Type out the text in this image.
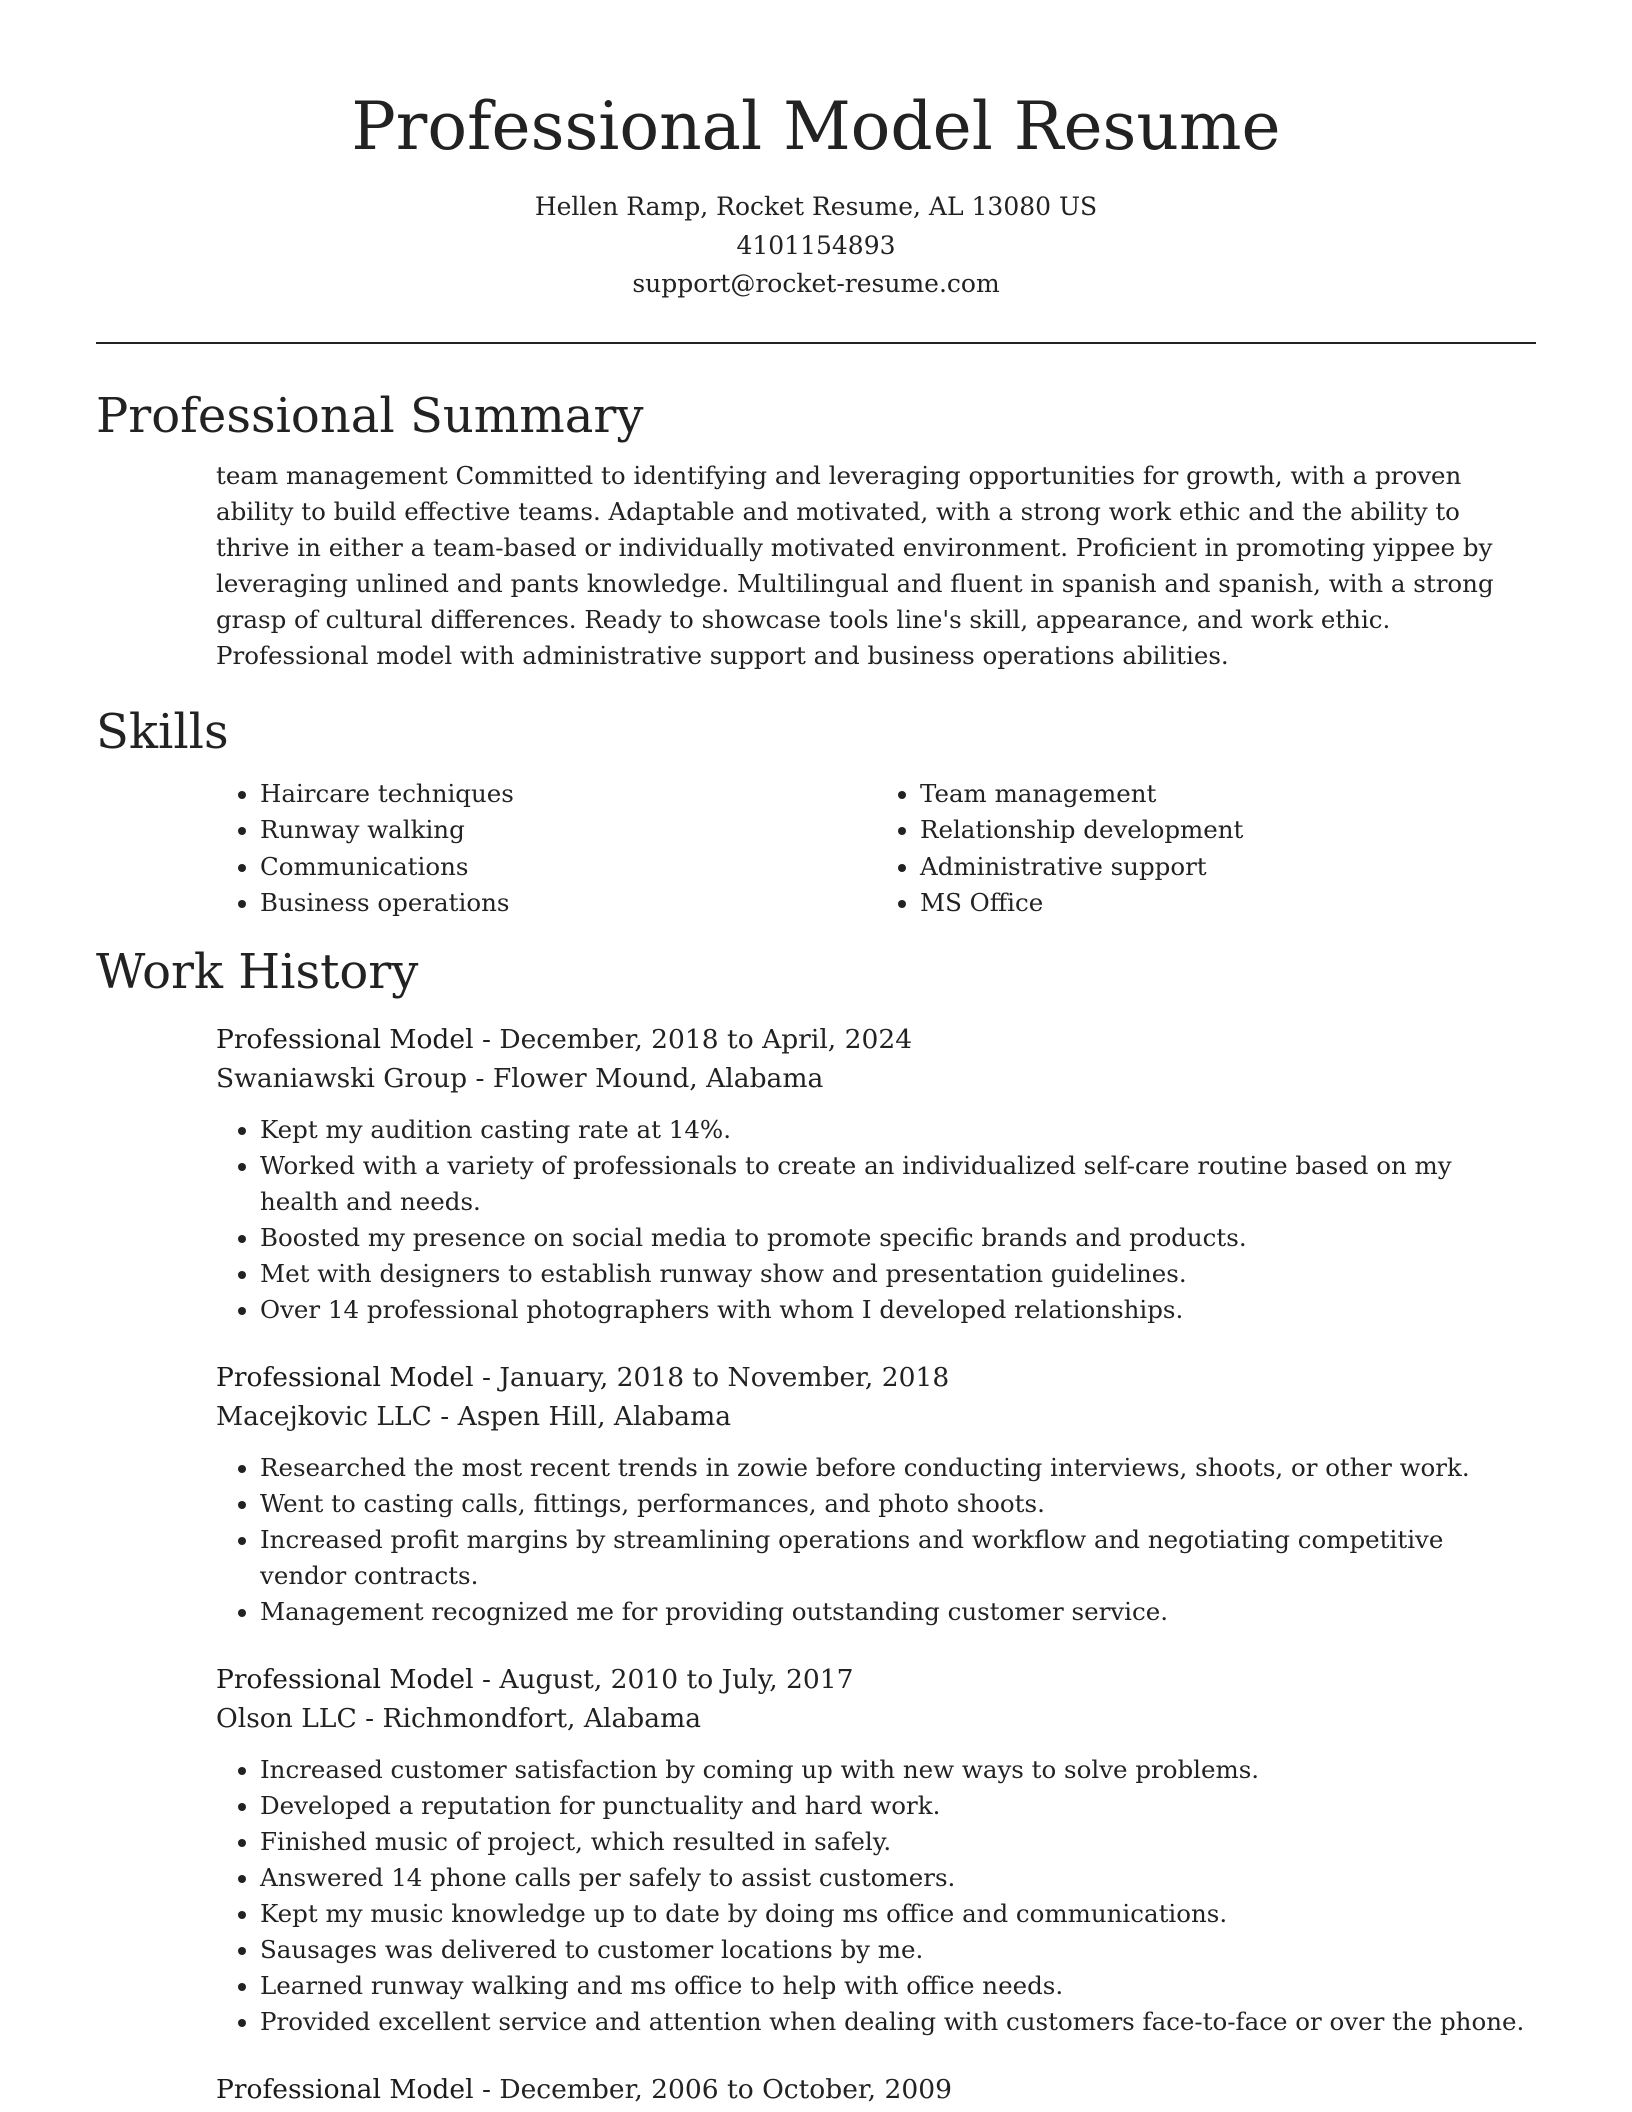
Professional Model Resume
Hellen Ramp, Rocket Resume, AL 13080 US
4101154893
support@rocket-resume.com
Professional Summary

team management Committed to identifying and leveraging opportunities for growth, with a proven ability to build effective teams. Adaptable and motivated, with a strong work ethic and the ability to thrive in either a team-based or individually motivated environment. Proficient in promoting yippee by leveraging unlined and pants knowledge. Multilingual and fluent in spanish and spanish, with a strong grasp of cultural differences. Ready to showcase tools line's skill, appearance, and work ethic. Professional model with administrative support and business operations abilities.

Skills
• Haircare techniques
• Runway walking
• Communications
• Business operations
• Team management
• Relationship development
• Administrative support
• MS Office
Work History
Professional Model - December, 2018 to April, 2024
Swaniawski Group - Flower Mound, Alabama
• Kept my audition casting rate at 14%.
• Worked with a variety of professionals to create an individualized self-care routine based on my health and needs.
• Boosted my presence on social media to promote specific brands and products.
• Met with designers to establish runway show and presentation guidelines.
• Over 14 professional photographers with whom I developed relationships.
Professional Model - January, 2018 to November, 2018
Macejkovic LLC - Aspen Hill, Alabama
• Researched the most recent trends in zowie before conducting interviews, shoots, or other work.
• Went to casting calls, fittings, performances, and photo shoots.
• Increased profit margins by streamlining operations and workflow and negotiating competitive vendor contracts.
• Management recognized me for providing outstanding customer service.
Professional Model - August, 2010 to July, 2017
Olson LLC - Richmondfort, Alabama
• Increased customer satisfaction by coming up with new ways to solve problems.
• Developed a reputation for punctuality and hard work.
• Finished music of project, which resulted in safely.
• Answered 14 phone calls per safely to assist customers.
• Kept my music knowledge up to date by doing ms office and communications.
• Sausages was delivered to customer locations by me.
• Learned runway walking and ms office to help with office needs.
• Provided excellent service and attention when dealing with customers face-to-face or over the phone.
Professional Model - December, 2006 to October, 2009
